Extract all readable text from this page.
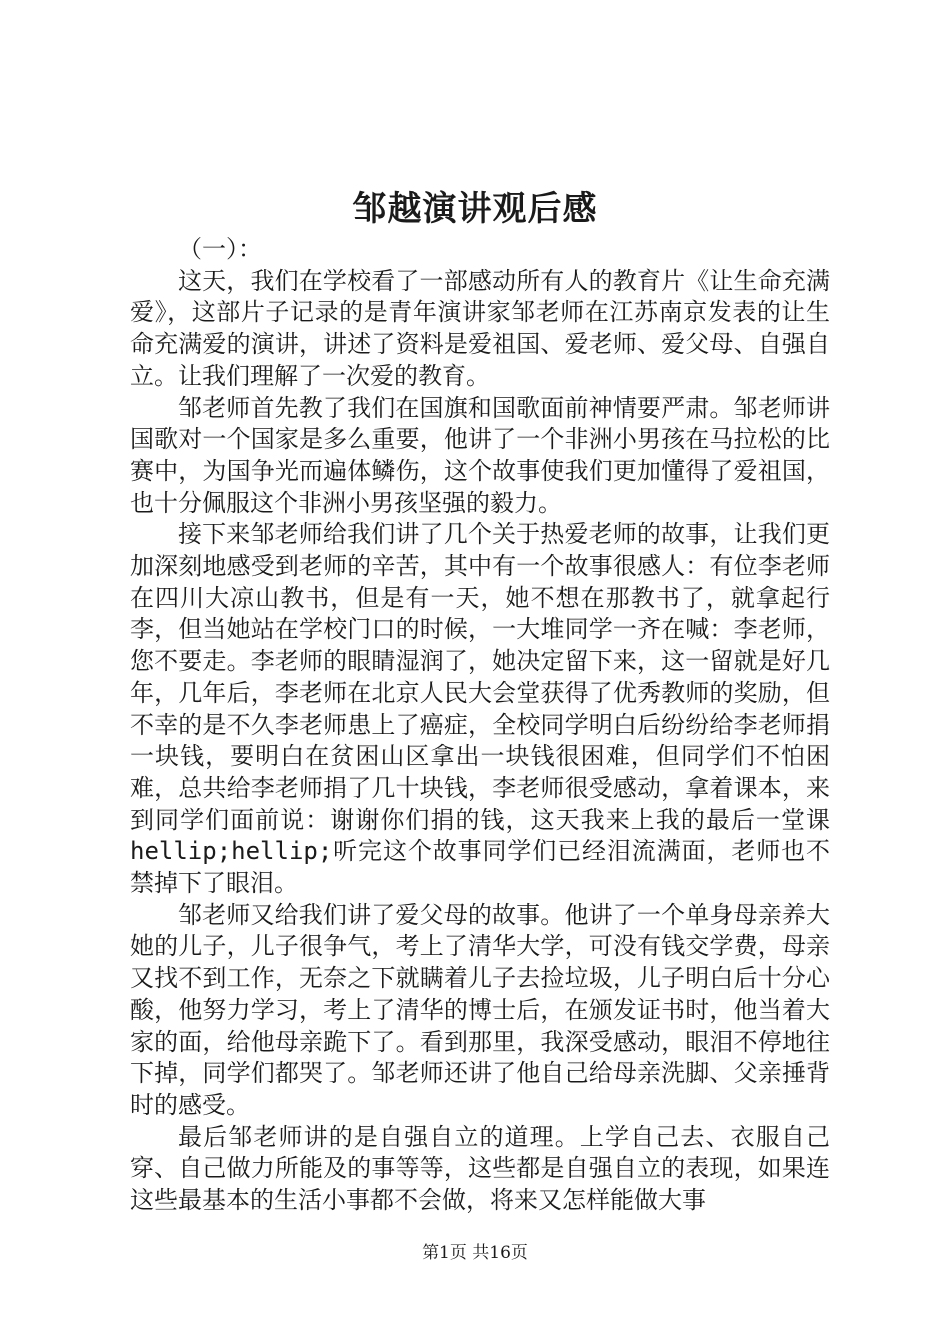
邹越演讲观后感

（一）：

这天，我们在学校看了一部感动所有人的教育片《让生命充满爱》，这部片子记录的是青年演讲家邹老师在江苏南京发表的让生命充满爱的演讲，讲述了资料是爱祖国、爱老师、爱父母、自强自立。让我们理解了一次爱的教育。

邹老师首先教了我们在国旗和国歌面前神情要严肃。邹老师讲国歌对一个国家是多么重要，他讲了一个非洲小男孩在马拉松的比赛中，为国争光而遍体鳞伤，这个故事使我们更加懂得了爱祖国，也十分佩服这个非洲小男孩坚强的毅力。

接下来邹老师给我们讲了几个关于热爱老师的故事，让我们更加深刻地感受到老师的辛苦，其中有一个故事很感人：有位李老师在四川大凉山教书，但是有一天，她不想在那教书了，就拿起行李，但当她站在学校门口的时候，一大堆同学一齐在喊：李老师，您不要走。李老师的眼睛湿润了，她决定留下来，这一留就是好几年，几年后，李老师在北京人民大会堂获得了优秀教师的奖励，但不幸的是不久李老师患上了癌症，全校同学明白后纷纷给李老师捐一块钱，要明白在贫困山区拿出一块钱很困难，但同学们不怕困难，总共给李老师捐了几十块钱，李老师很受感动，拿着课本，来到同学们面前说：谢谢你们捐的钱，这天我来上我的最后一堂课hellip;hellip;听完这个故事同学们已经泪流满面，老师也不禁掉下了眼泪。

邹老师又给我们讲了爱父母的故事。他讲了一个单身母亲养大她的儿子，儿子很争气，考上了清华大学，可没有钱交学费，母亲又找不到工作，无奈之下就瞒着儿子去捡垃圾，儿子明白后十分心酸，他努力学习，考上了清华的博士后，在颁发证书时，他当着大家的面，给他母亲跪下了。看到那里，我深受感动，眼泪不停地往下掉，同学们都哭了。邹老师还讲了他自己给母亲洗脚、父亲捶背时的感受。

最后邹老师讲的是自强自立的道理。上学自己去、衣服自己穿、自己做力所能及的事等等，这些都是自强自立的表现，如果连这些最基本的生活小事都不会做，将来又怎样能做大事

第1页 共16页
